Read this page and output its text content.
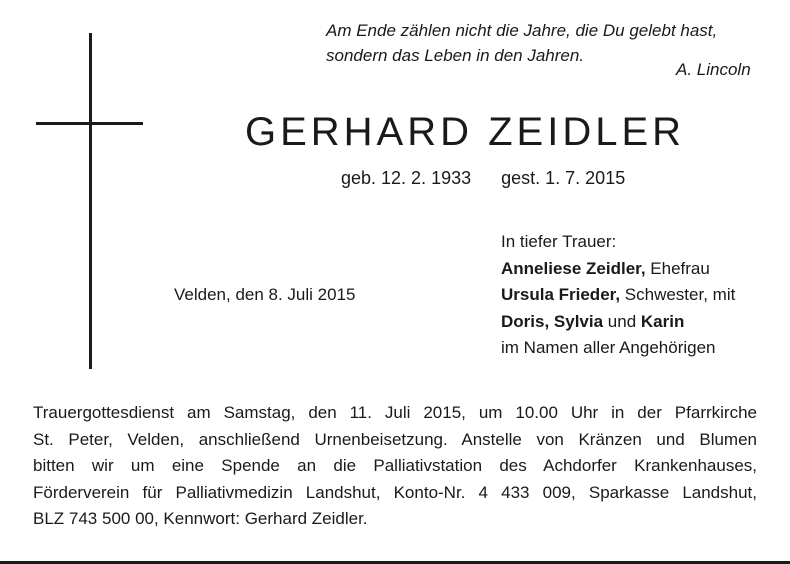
Am Ende zählen nicht die Jahre, die Du gelebt hast,
sondern das Leben in den Jahren.
A. Lincoln
GERHARD ZEIDLER
geb. 12. 2. 1933 gest. 1. 7. 2015
Velden, den 8. Juli 2015
In tiefer Trauer:
Anneliese Zeidler, Ehefrau
Ursula Frieder, Schwester, mit
Doris, Sylvia und Karin
im Namen aller Angehörigen
Trauergottesdienst am Samstag, den 11. Juli 2015, um 10.00 Uhr in der Pfarrkirche
St. Peter, Velden, anschließend Urnenbeisetzung. Anstelle von Kränzen und Blumen
bitten wir um eine Spende an die Palliativstation des Achdorfer Krankenhauses,
Förderverein für Palliativmedizin Landshut, Konto-Nr. 4 433 009, Sparkasse Landshut,
BLZ 743 500 00, Kennwort: Gerhard Zeidler.
